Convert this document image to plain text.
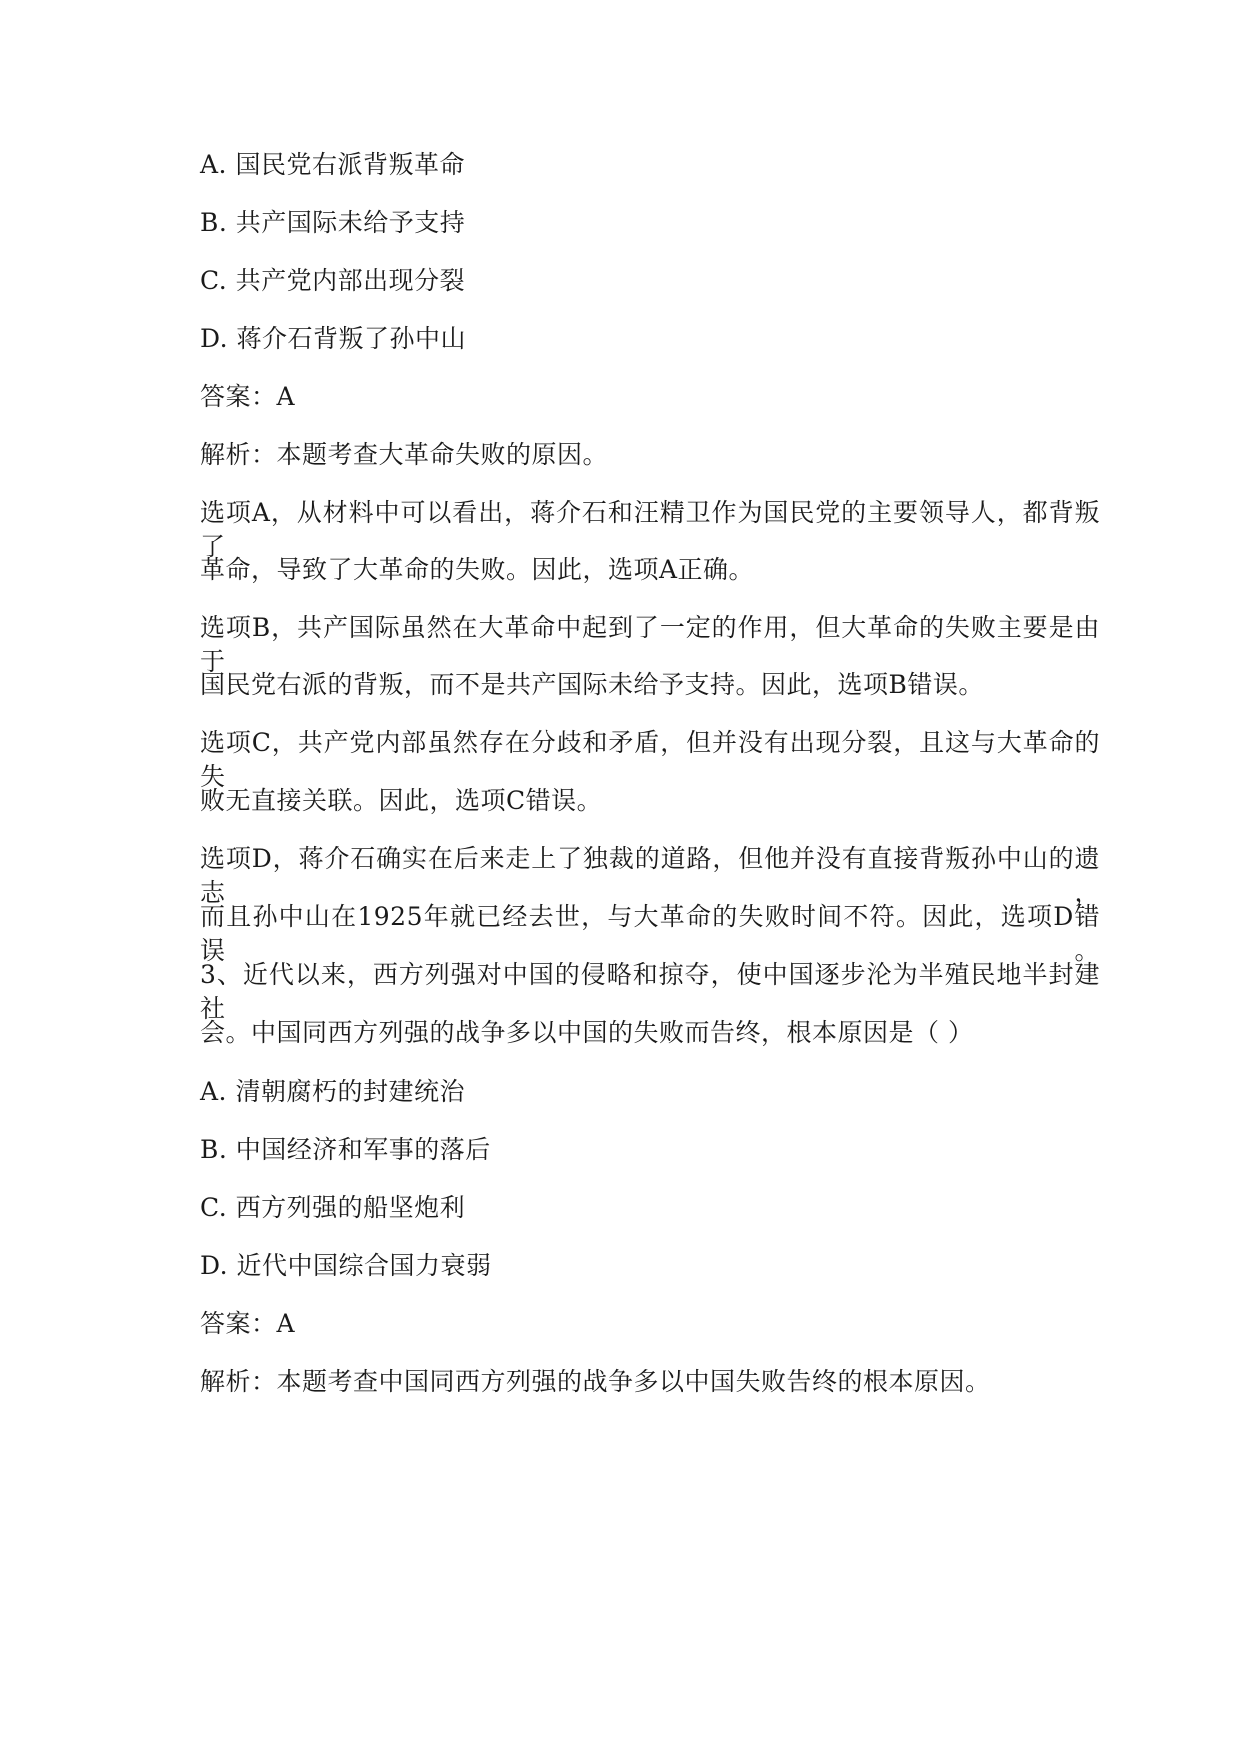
A. 国民党右派背叛革命
B. 共产国际未给予支持
C. 共产党内部出现分裂
D. 蒋介石背叛了孙中山
答案：A
解析：本题考查大革命失败的原因。
选项A，从材料中可以看出，蒋介石和汪精卫作为国民党的主要领导人，都背叛了
革命，导致了大革命的失败。因此，选项A正确。
选项B，共产国际虽然在大革命中起到了一定的作用，但大革命的失败主要是由于
国民党右派的背叛，而不是共产国际未给予支持。因此，选项B错误。
选项C，共产党内部虽然存在分歧和矛盾，但并没有出现分裂，且这与大革命的失
败无直接关联。因此，选项C错误。
选项D，蒋介石确实在后来走上了独裁的道路，但他并没有直接背叛孙中山的遗志，
而且孙中山在1925年就已经去世，与大革命的失败时间不符。因此，选项D错误。
3、近代以来，西方列强对中国的侵略和掠夺，使中国逐步沦为半殖民地半封建社
会。中国同西方列强的战争多以中国的失败而告终，根本原因是（ ）
A. 清朝腐朽的封建统治
B. 中国经济和军事的落后
C. 西方列强的船坚炮利
D. 近代中国综合国力衰弱
答案：A
解析：本题考查中国同西方列强的战争多以中国失败告终的根本原因。
